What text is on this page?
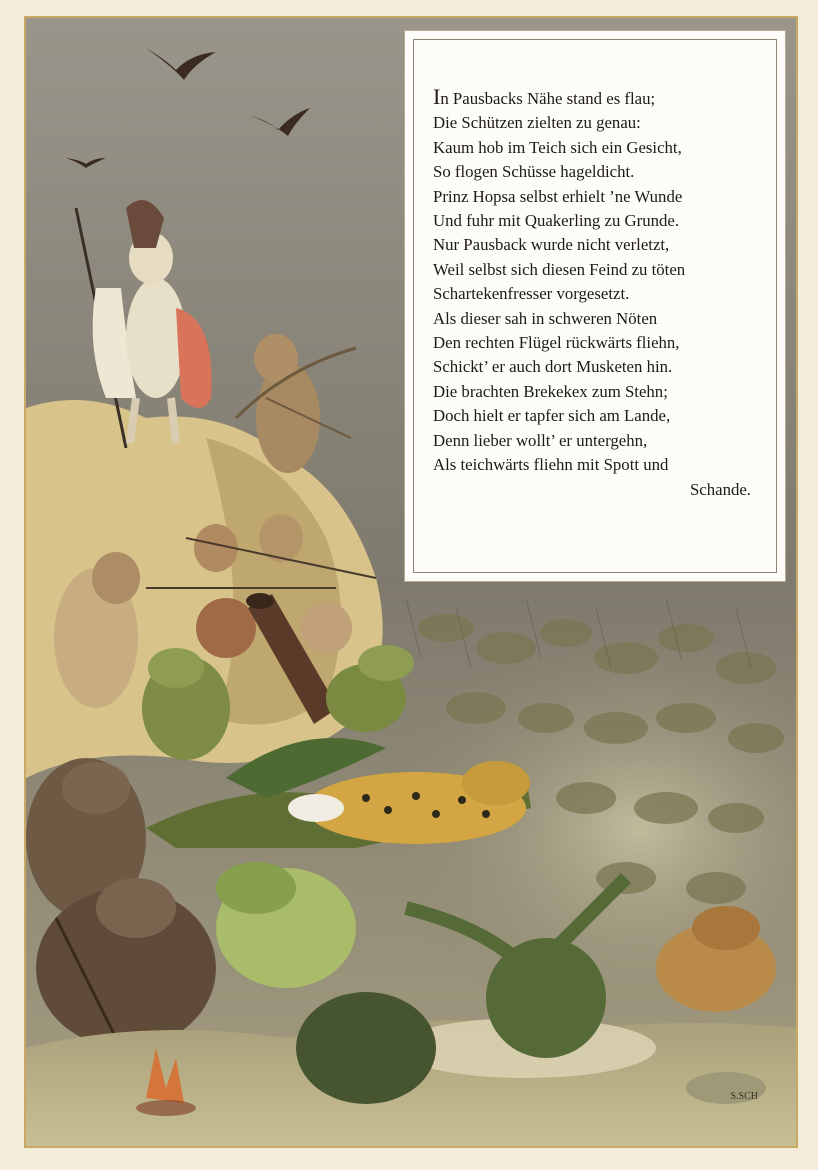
S.SCH
In Pausbacks Nähe stand es flau;
Die Schützen zielten zu genau:
Kaum hob im Teich sich ein Gesicht,
So flogen Schüsse hageldicht.
Prinz Hopsa selbst erhielt ’ne Wunde
Und fuhr mit Quakerling zu Grunde.
Nur Pausback wurde nicht verletzt,
Weil selbst sich diesen Feind zu töten
Schartekenfresser vorgesetzt.
Als dieser sah in schweren Nöten
Den rechten Flügel rückwärts fliehn,
Schickt’ er auch dort Musketen hin.
Die brachten Brekekex zum Stehn;
Doch hielt er tapfer sich am Lande,
Denn lieber wollt’ er untergehn,
Als teichwärts fliehn mit Spott und
Schande.
